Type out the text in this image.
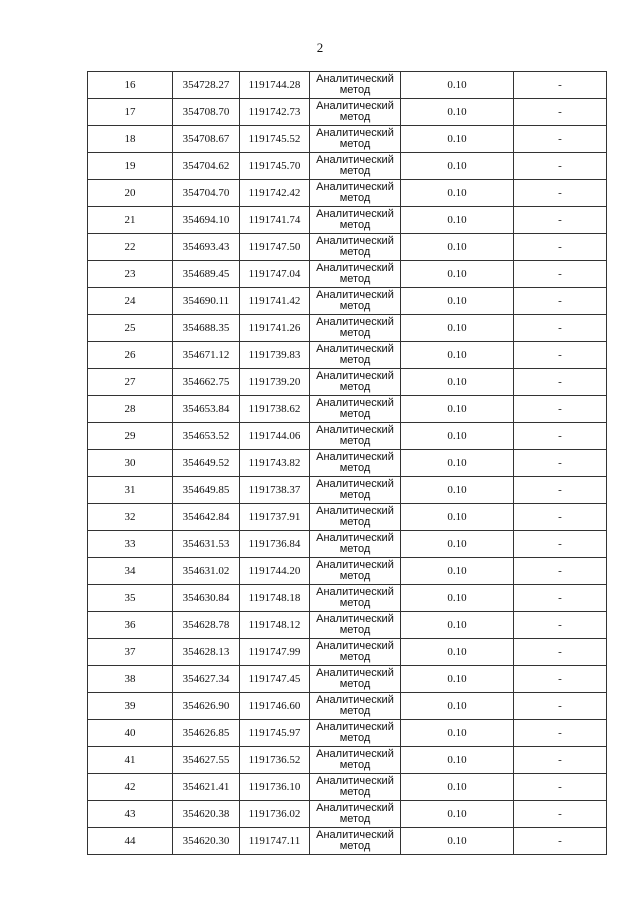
2
16	354728.27	1191744.28	Аналитический
метод	0.10	-
17	354708.70	1191742.73	Аналитический
метод	0.10	-
18	354708.67	1191745.52	Аналитический
метод	0.10	-
19	354704.62	1191745.70	Аналитический
метод	0.10	-
20	354704.70	1191742.42	Аналитический
метод	0.10	-
21	354694.10	1191741.74	Аналитический
метод	0.10	-
22	354693.43	1191747.50	Аналитический
метод	0.10	-
23	354689.45	1191747.04	Аналитический
метод	0.10	-
24	354690.11	1191741.42	Аналитический
метод	0.10	-
25	354688.35	1191741.26	Аналитический
метод	0.10	-
26	354671.12	1191739.83	Аналитический
метод	0.10	-
27	354662.75	1191739.20	Аналитический
метод	0.10	-
28	354653.84	1191738.62	Аналитический
метод	0.10	-
29	354653.52	1191744.06	Аналитический
метод	0.10	-
30	354649.52	1191743.82	Аналитический
метод	0.10	-
31	354649.85	1191738.37	Аналитический
метод	0.10	-
32	354642.84	1191737.91	Аналитический
метод	0.10	-
33	354631.53	1191736.84	Аналитический
метод	0.10	-
34	354631.02	1191744.20	Аналитический
метод	0.10	-
35	354630.84	1191748.18	Аналитический
метод	0.10	-
36	354628.78	1191748.12	Аналитический
метод	0.10	-
37	354628.13	1191747.99	Аналитический
метод	0.10	-
38	354627.34	1191747.45	Аналитический
метод	0.10	-
39	354626.90	1191746.60	Аналитический
метод	0.10	-
40	354626.85	1191745.97	Аналитический
метод	0.10	-
41	354627.55	1191736.52	Аналитический
метод	0.10	-
42	354621.41	1191736.10	Аналитический
метод	0.10	-
43	354620.38	1191736.02	Аналитический
метод	0.10	-
44	354620.30	1191747.11	Аналитический
метод	0.10	-
